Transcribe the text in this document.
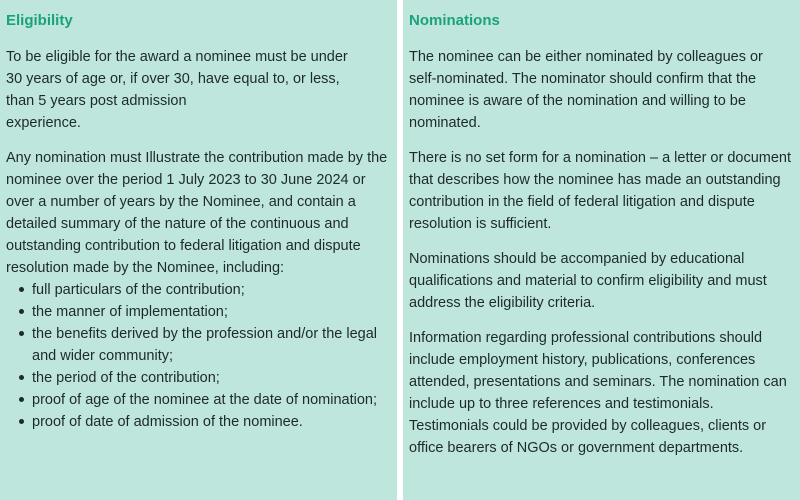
Eligibility

To be eligible for the award a nominee must be under
30 years of age or, if over 30, have equal to, or less,
than 5 years post admission
experience.

Any nomination must Illustrate the contribution made by the nominee over the period 1 July 2023 to 30 June 2024 or over a number of years by the Nominee, and contain a detailed summary of the nature of the continuous and outstanding contribution to federal litigation and dispute resolution made by the Nominee, including:

full particulars of the contribution;
the manner of implementation;
the benefits derived by the profession and/or the legal and wider community;
the period of the contribution;
proof of age of the nominee at the date of nomination;
proof of date of admission of the nominee.
Nominations

The nominee can be either nominated by colleagues or self-nominated. The nominator should confirm that the nominee is aware of the nomination and willing to be nominated.

There is no set form for a nomination – a letter or document that describes how the nominee has made an outstanding contribution in the field of federal litigation and dispute resolution is sufficient.

Nominations should be accompanied by educational qualifications and material to confirm eligibility and must address the eligibility criteria.

Information regarding professional contributions should include employment history, publications, conferences attended, presentations and seminars. The nomination can include up to three references and testimonials. Testimonials could be provided by colleagues, clients or office bearers of NGOs or government departments.
